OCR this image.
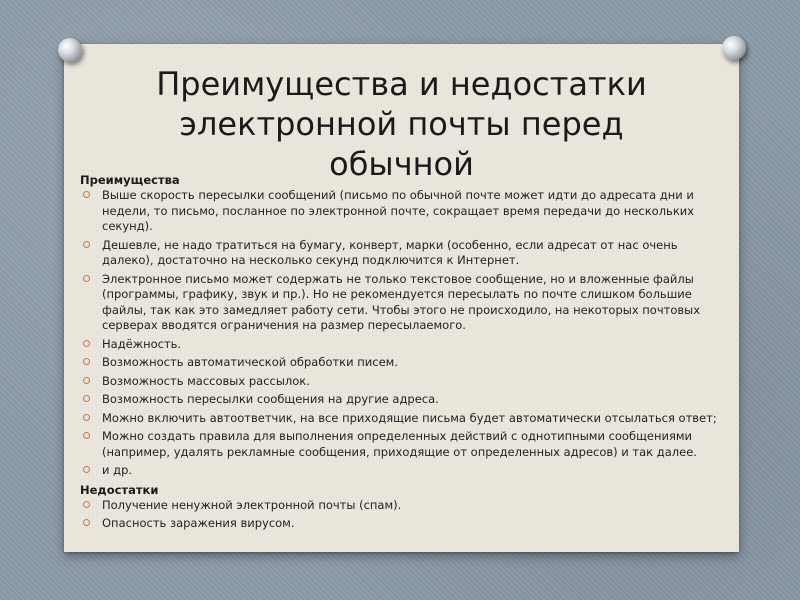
Преимущества и недостатки
электронной почты перед
обычной

Преимущества

Выше скорость пересылки сообщений (письмо по обычной почте может идти до адресата дни и недели, то письмо, посланное по электронной почте, сокращает время передачи до нескольких секунд).
Дешевле, не надо тратиться на бумагу, конверт, марки (особенно, если адресат от нас очень далеко), достаточно на несколько секунд подключится к Интернет.
Электронное письмо может содержать не только текстовое сообщение, но и вложенные файлы (программы, графику, звук и пр.). Но не рекомендуется пересылать по почте слишком большие файлы, так как это замедляет работу сети. Чтобы этого не происходило, на некоторых почтовых серверах вводятся ограничения на размер пересылаемого.
Надёжность.
Возможность автоматической обработки писем.
Возможность массовых рассылок.
Возможность пересылки сообщения на другие адреса.
Можно включить автоответчик, на все приходящие письма будет автоматически отсылаться ответ;
Можно создать правила для выполнения определенных действий с однотипными сообщениями (например, удалять рекламные сообщения, приходящие от определенных адресов) и так далее.
и др.

Недостатки

Получение ненужной электронной почты (спам).
Опасность заражения вирусом.
